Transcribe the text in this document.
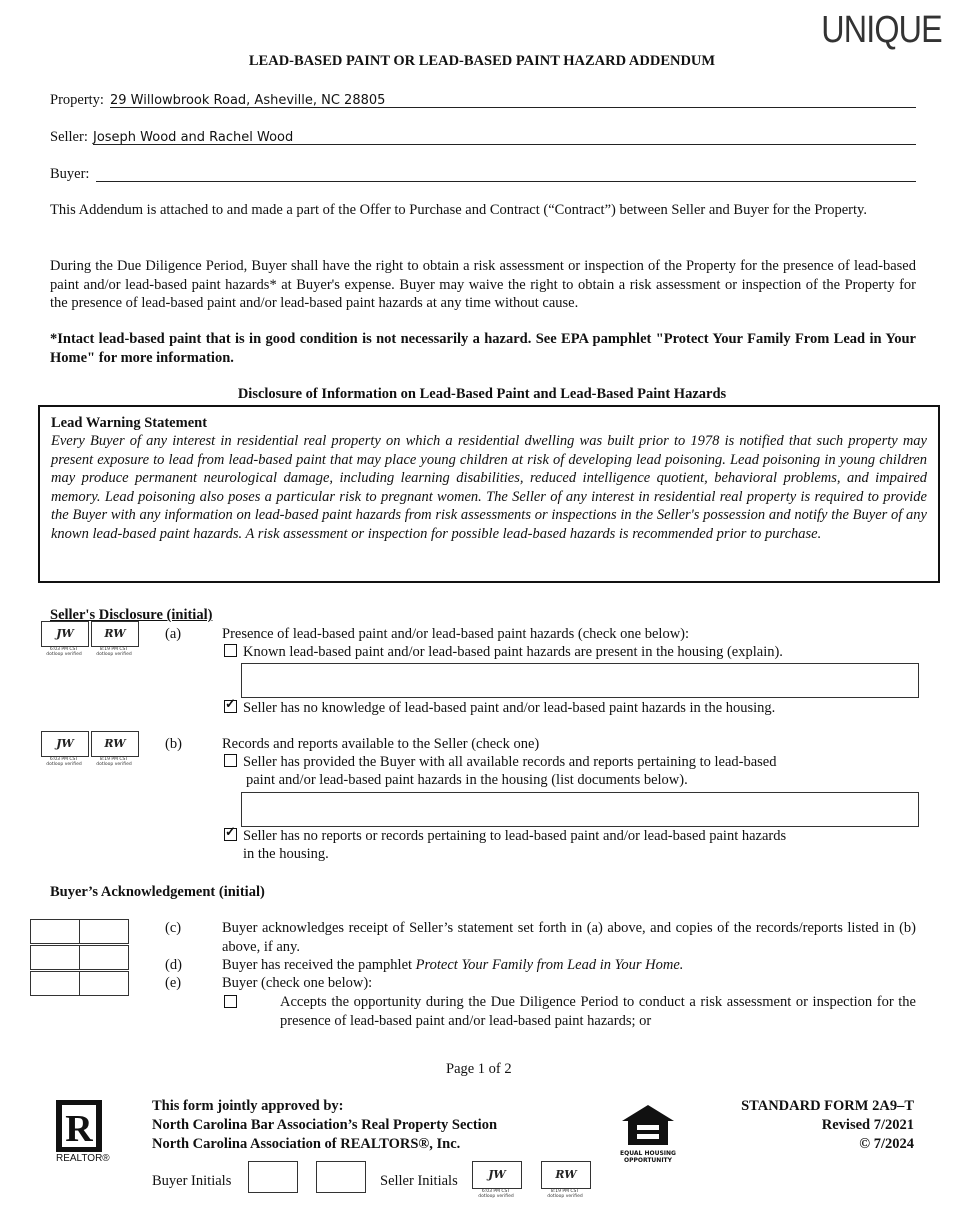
UNIQUE
LEAD-BASED PAINT OR LEAD-BASED PAINT HAZARD ADDENDUM
Property: 29 Willowbrook Road, Asheville, NC 28805
Seller: Joseph Wood and Rachel Wood
Buyer:
This Addendum is attached to and made a part of the Offer to Purchase and Contract (“Contract”) between Seller and Buyer for the Property.
During the Due Diligence Period, Buyer shall have the right to obtain a risk assessment or inspection of the Property for the presence of lead-based paint and/or lead-based paint hazards* at Buyer's expense. Buyer may waive the right to obtain a risk assessment or inspection of the Property for the presence of lead-based paint and/or lead-based paint hazards at any time without cause.
*Intact lead-based paint that is in good condition is not necessarily a hazard. See EPA pamphlet "Protect Your Family From Lead in Your Home" for more information.
Disclosure of Information on Lead-Based Paint and Lead-Based Paint Hazards
Lead Warning Statement
Every Buyer of any interest in residential real property on which a residential dwelling was built prior to 1978 is notified that such property may present exposure to lead from lead-based paint that may place young children at risk of developing lead poisoning. Lead poisoning in young children may produce permanent neurological damage, including learning disabilities, reduced intelligence quotient, behavioral problems, and impaired memory. Lead poisoning also poses a particular risk to pregnant women. The Seller of any interest in residential real property is required to provide the Buyer with any information on lead-based paint hazards from risk assessments or inspections in the Seller's possession and notify the Buyer of any known lead-based paint hazards. A risk assessment or inspection for possible lead-based hazards is recommended prior to purchase.
Seller's Disclosure (initial)
JW
6:03 PM CST
dotloop verified
RW
8:19 PM CST
dotloop verified
(a)	Presence of lead-based paint and/or lead-based paint hazards (check one below):
Known lead-based paint and/or lead-based paint hazards are present in the housing (explain).
✓Seller has no knowledge of lead-based paint and/or lead-based paint hazards in the housing.
JW
6:03 PM CST
dotloop verified
RW
8:19 PM CST
dotloop verified
(b)	Records and reports available to the Seller (check one)
Seller has provided the Buyer with all available records and reports pertaining to lead-based
paint and/or lead-based paint hazards in the housing (list documents below).
✓Seller has no reports or records pertaining to lead-based paint and/or lead-based paint hazards
in the housing.
Buyer’s Acknowledgement (initial)
(c)	Buyer acknowledges receipt of Seller’s statement set forth in (a) above, and copies of the records/reports listed in (b) above, if any.
(d)	Buyer has received the pamphlet Protect Your Family from Lead in Your Home.
(e)	Buyer (check one below):
Accepts the opportunity during the Due Diligence Period to conduct a risk assessment or inspection for the presence of lead-based paint and/or lead-based paint hazards; or
Page 1 of 2
R
REALTOR®
This form jointly approved by:
North Carolina Bar Association’s Real Property Section
North Carolina Association of REALTORS®, Inc.
EQUAL HOUSING
OPPORTUNITY
STANDARD FORM 2A9–T
Revised 7/2021
© 7/2024
Buyer Initials	Seller Initials	JW
6:03 PM CST
dotloop verified
RW
8:19 PM CST
dotloop verified
